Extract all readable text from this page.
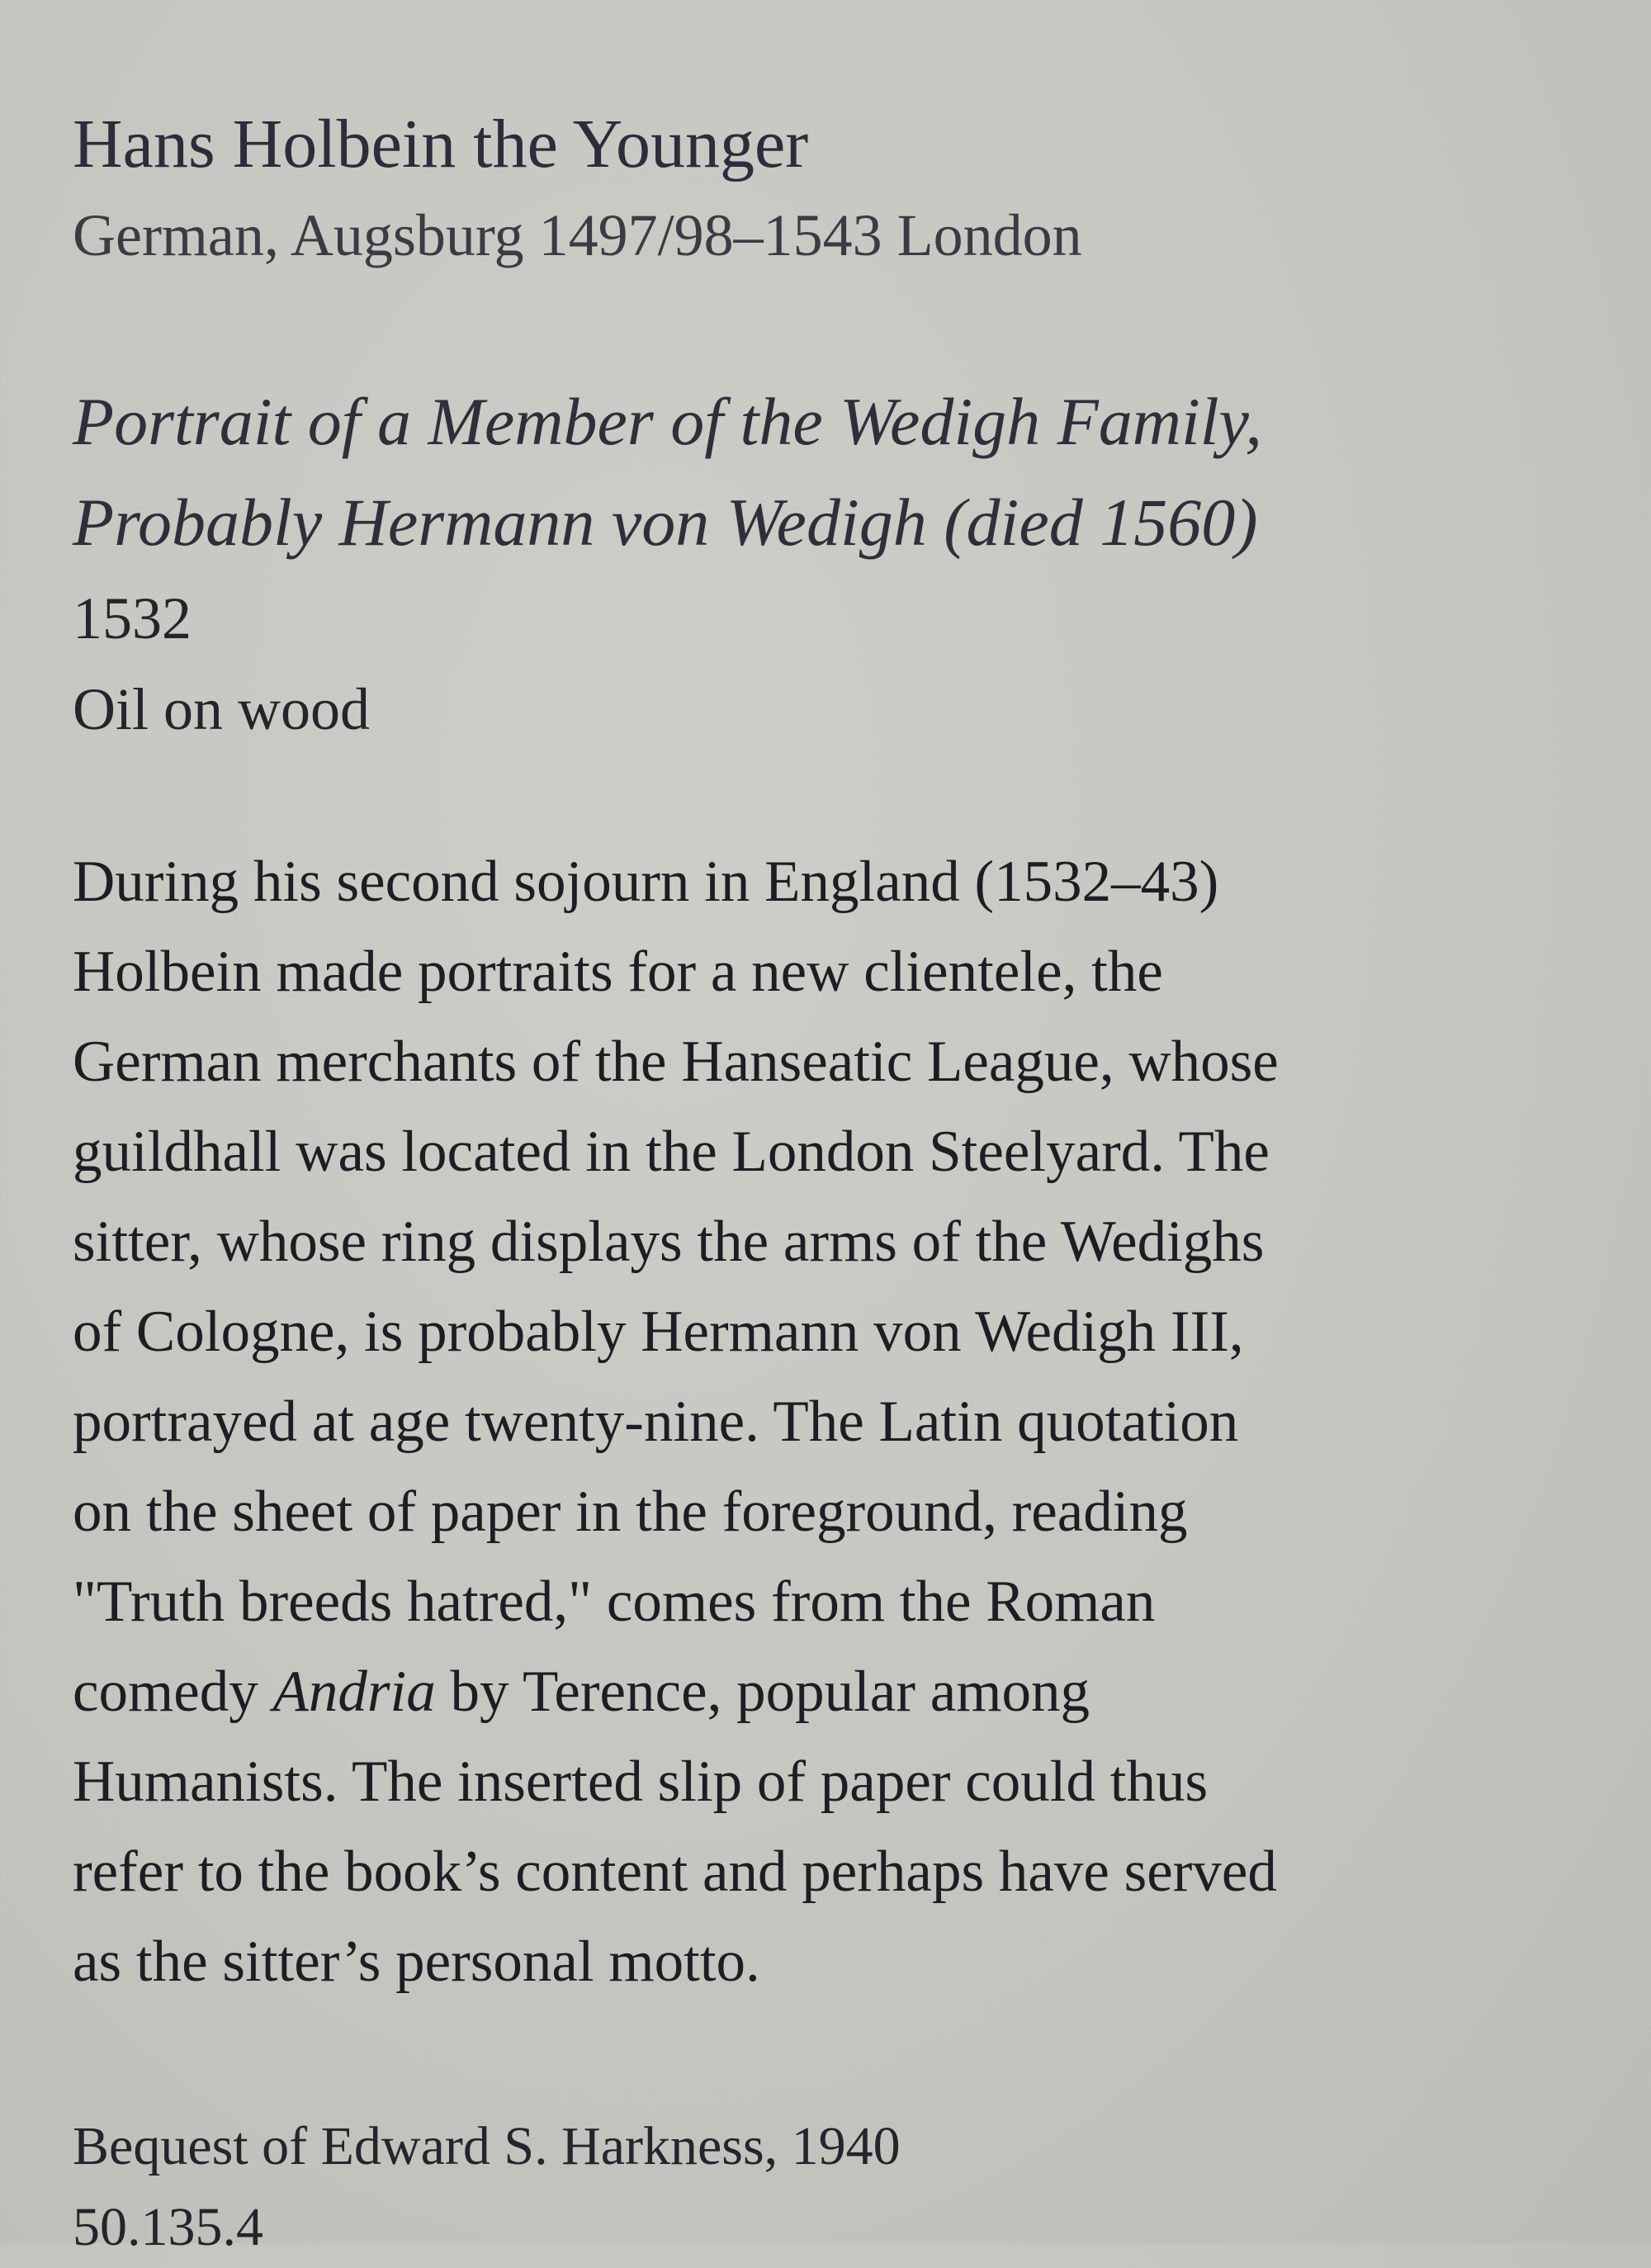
Hans Holbein the Younger

German, Augsburg 1497/98–1543 London

Portrait of a Member of the Wedigh Family,
Probably Hermann von Wedigh (died 1560)

1532

Oil on wood

During his second sojourn in England (1532–43)
Holbein made portraits for a new clientele, the
German merchants of the Hanseatic League, whose
guildhall was located in the London Steelyard. The
sitter, whose ring displays the arms of the Wedighs
of Cologne, is probably Hermann von Wedigh III,
portrayed at age twenty-nine. The Latin quotation
on the sheet of paper in the foreground, reading
"Truth breeds hatred," comes from the Roman
comedy Andria by Terence, popular among
Humanists. The inserted slip of paper could thus
refer to the book’s content and perhaps have served
as the sitter’s personal motto.
Bequest of Edward S. Harkness, 1940
50.135.4
